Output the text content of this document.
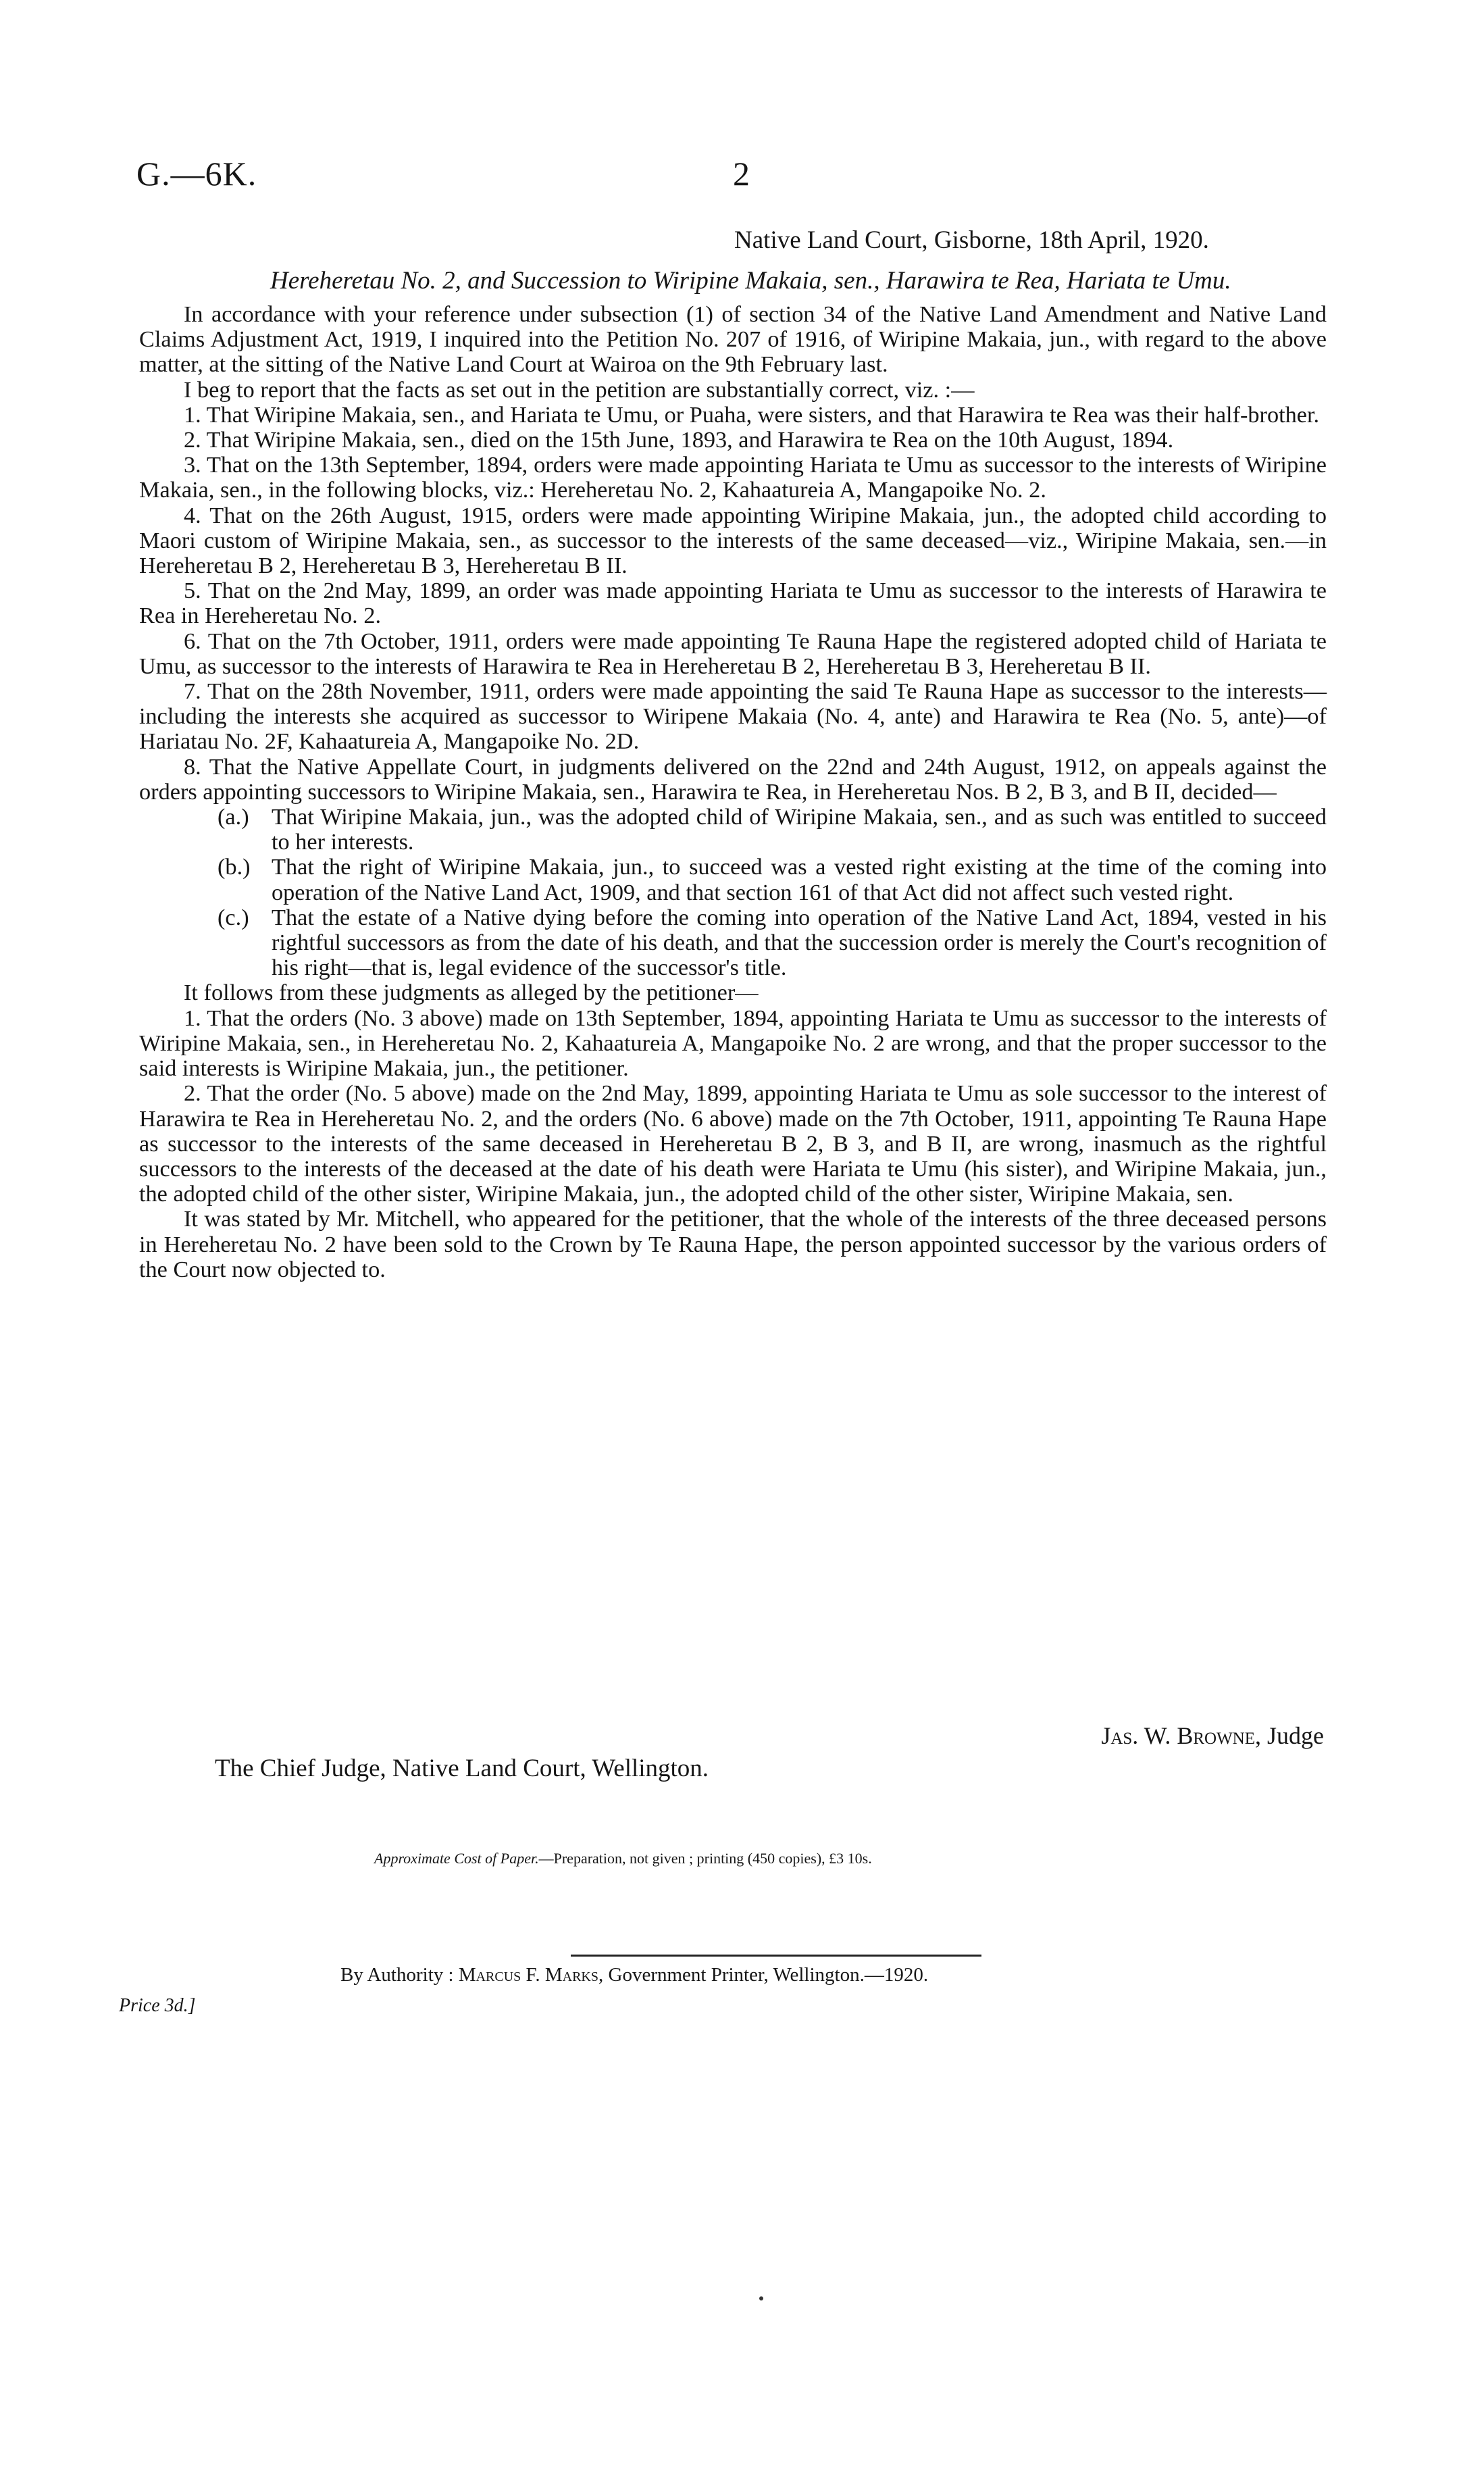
G.—6K.	2
Native Land Court, Gisborne, 18th April, 1920.
Hereheretau No. 2, and Succession to Wiripine Makaia, sen., Harawira te Rea, Hariata te Umu.

In accordance with your reference under subsection (1) of section 34 of the Native Land Amendment and Native Land Claims Adjustment Act, 1919, I inquired into the Petition No. 207 of 1916, of Wiripine Makaia, jun., with regard to the above matter, at the sitting of the Native Land Court at Wairoa on the 9th February last.

I beg to report that the facts as set out in the petition are substantially correct, viz. :—

1. That Wiripine Makaia, sen., and Hariata te Umu, or Puaha, were sisters, and that Harawira te Rea was their half-brother.

2. That Wiripine Makaia, sen., died on the 15th June, 1893, and Harawira te Rea on the 10th August, 1894.

3. That on the 13th September, 1894, orders were made appointing Hariata te Umu as successor to the interests of Wiripine Makaia, sen., in the following blocks, viz.: Hereheretau No. 2, Kahaatureia A, Mangapoike No. 2.

4. That on the 26th August, 1915, orders were made appointing Wiripine Makaia, jun., the adopted child according to Maori custom of Wiripine Makaia, sen., as successor to the interests of the same deceased—viz., Wiripine Makaia, sen.—in Hereheretau B 2, Hereheretau B 3, Hereheretau B II.

5. That on the 2nd May, 1899, an order was made appointing Hariata te Umu as successor to the interests of Harawira te Rea in Hereheretau No. 2.

6. That on the 7th October, 1911, orders were made appointing Te Rauna Hape the registered adopted child of Hariata te Umu, as successor to the interests of Harawira te Rea in Hereheretau B 2, Hereheretau B 3, Hereheretau B II.

7. That on the 28th November, 1911, orders were made appointing the said Te Rauna Hape as successor to the interests—including the interests she acquired as successor to Wiripene Makaia (No. 4, ante) and Harawira te Rea (No. 5, ante)—of Hariatau No. 2F, Kahaatureia A, Mangapoike No. 2D.

8. That the Native Appellate Court, in judgments delivered on the 22nd and 24th August, 1912, on appeals against the orders appointing successors to Wiripine Makaia, sen., Harawira te Rea, in Hereheretau Nos. B 2, B 3, and B II, decided—

(a.) That Wiripine Makaia, jun., was the adopted child of Wiripine Makaia, sen., and as such was entitled to succeed to her interests.

(b.) That the right of Wiripine Makaia, jun., to succeed was a vested right existing at the time of the coming into operation of the Native Land Act, 1909, and that section 161 of that Act did not affect such vested right.

(c.) That the estate of a Native dying before the coming into operation of the Native Land Act, 1894, vested in his rightful successors as from the date of his death, and that the succession order is merely the Court's recognition of his right—that is, legal evidence of the successor's title.

It follows from these judgments as alleged by the petitioner—

1. That the orders (No. 3 above) made on 13th September, 1894, appointing Hariata te Umu as successor to the interests of Wiripine Makaia, sen., in Hereheretau No. 2, Kahaatureia A, Mangapoike No. 2 are wrong, and that the proper successor to the said interests is Wiripine Makaia, jun., the petitioner.

2. That the order (No. 5 above) made on the 2nd May, 1899, appointing Hariata te Umu as sole successor to the interest of Harawira te Rea in Hereheretau No. 2, and the orders (No. 6 above) made on the 7th October, 1911, appointing Te Rauna Hape as successor to the interests of the same deceased in Hereheretau B 2, B 3, and B II, are wrong, inasmuch as the rightful successors to the interests of the deceased at the date of his death were Hariata te Umu (his sister), and Wiripine Makaia, jun., the adopted child of the other sister, Wiripine Makaia, jun., the adopted child of the other sister, Wiripine Makaia, sen.

It was stated by Mr. Mitchell, who appeared for the petitioner, that the whole of the interests of the three deceased persons in Hereheretau No. 2 have been sold to the Crown by Te Rauna Hape, the person appointed successor by the various orders of the Court now objected to.

Jas. W. Browne, Judge
The Chief Judge, Native Land Court, Wellington.
Approximate Cost of Paper.—Preparation, not given ; printing (450 copies), £3 10s.
By Authority : Marcus F. Marks, Government Printer, Wellington.—1920.
Price 3d.]
